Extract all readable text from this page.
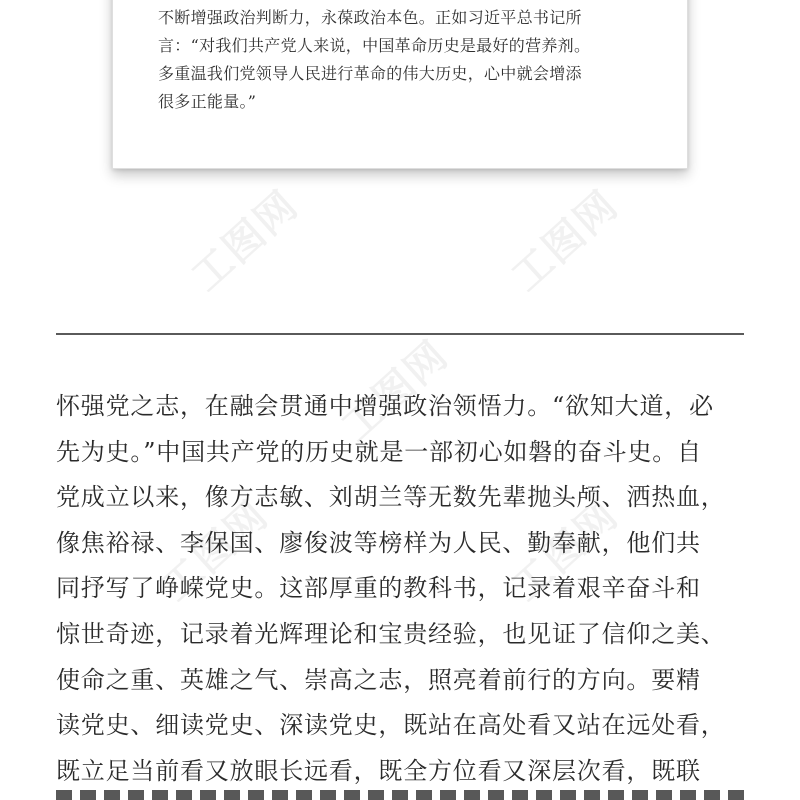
工图网	工图网
工图网
工图网	工图网

不断增强政治判断力，永葆政治本色。正如习近平总书记所
言：“对我们共产党人来说，中国革命历史是最好的营养剂。
多重温我们党领导人民进行革命的伟大历史，心中就会增添
很多正能量。”

怀强党之志，在融会贯通中增强政治领悟力。“欲知大道，必
先为史。”中国共产党的历史就是一部初心如磐的奋斗史。自
党成立以来，像方志敏、刘胡兰等无数先辈抛头颅、洒热血，
像焦裕禄、李保国、廖俊波等榜样为人民、勤奉献，他们共
同抒写了峥嵘党史。这部厚重的教科书，记录着艰辛奋斗和
惊世奇迹，记录着光辉理论和宝贵经验，也见证了信仰之美、
使命之重、英雄之气、崇高之志，照亮着前行的方向。要精
读党史、细读党史、深读党史，既站在高处看又站在远处看，
既立足当前看又放眼长远看，既全方位看又深层次看，既联
